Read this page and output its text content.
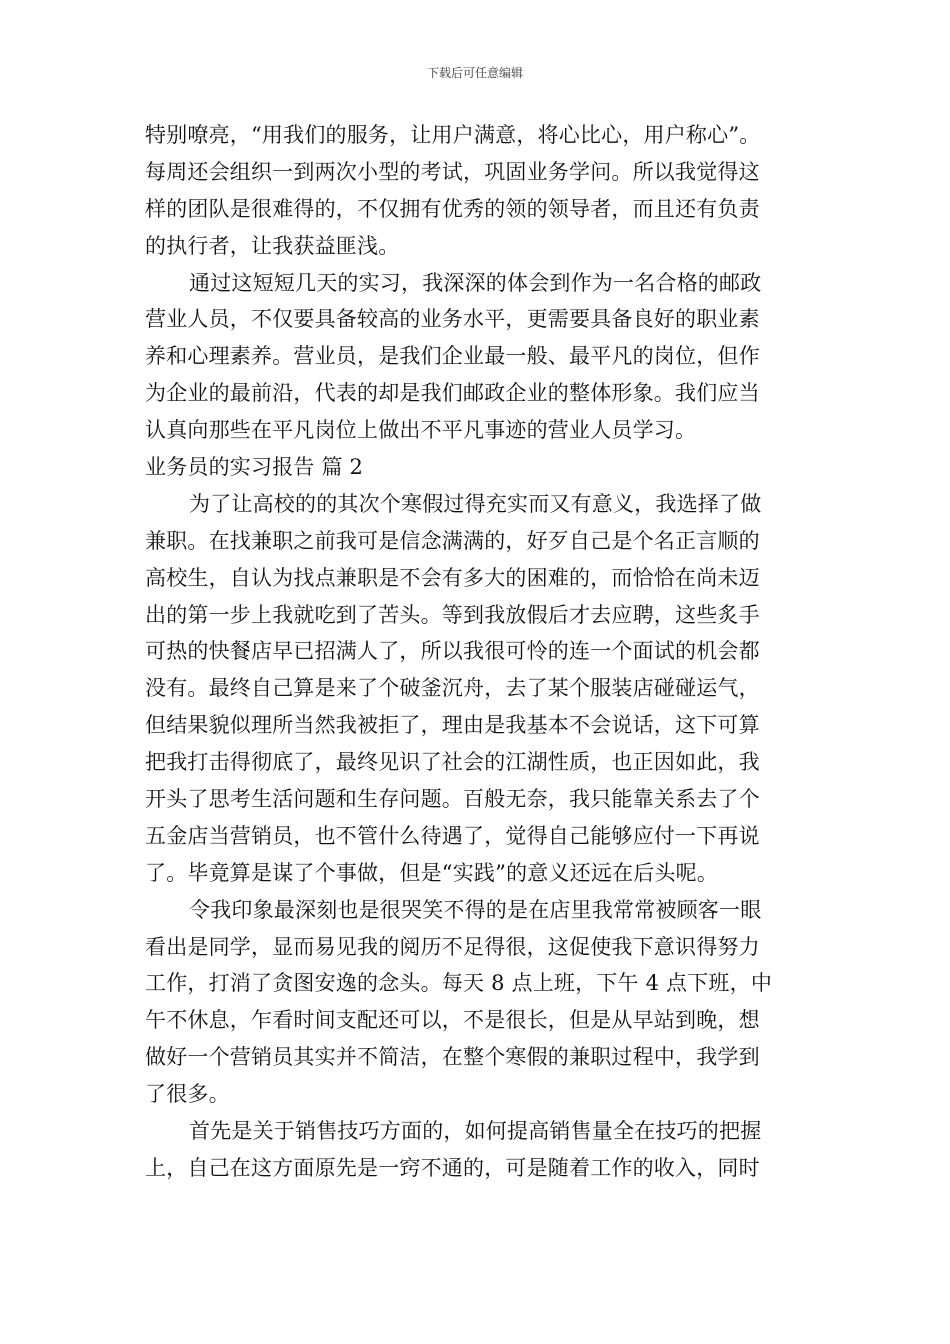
下载后可任意编辑
特别嘹亮，“用我们的服务，让用户满意，将心比心，用户称心”。
每周还会组织一到两次小型的考试，巩固业务学问。所以我觉得这
样的团队是很难得的，不仅拥有优秀的领的领导者，而且还有负责
的执行者，让我获益匪浅。
通过这短短几天的实习，我深深的体会到作为一名合格的邮政
营业人员，不仅要具备较高的业务水平，更需要具备良好的职业素
养和心理素养。营业员，是我们企业最一般、最平凡的岗位，但作
为企业的最前沿，代表的却是我们邮政企业的整体形象。我们应当
认真向那些在平凡岗位上做出不平凡事迹的营业人员学习。
业务员的实习报告 篇 2
为了让高校的的其次个寒假过得充实而又有意义，我选择了做
兼职。在找兼职之前我可是信念满满的，好歹自己是个名正言顺的
高校生，自认为找点兼职是不会有多大的困难的，而恰恰在尚未迈
出的第一步上我就吃到了苦头。等到我放假后才去应聘，这些炙手
可热的快餐店早已招满人了，所以我很可怜的连一个面试的机会都
没有。最终自己算是来了个破釜沉舟，去了某个服装店碰碰运气，
但结果貌似理所当然我被拒了，理由是我基本不会说话，这下可算
把我打击得彻底了，最终见识了社会的江湖性质，也正因如此，我
开头了思考生活问题和生存问题。百般无奈，我只能靠关系去了个
五金店当营销员，也不管什么待遇了，觉得自己能够应付一下再说
了。毕竟算是谋了个事做，但是“实践”的意义还远在后头呢。
令我印象最深刻也是很哭笑不得的是在店里我常常被顾客一眼
看出是同学，显而易见我的阅历不足得很，这促使我下意识得努力
工作，打消了贪图安逸的念头。每天 8 点上班，下午 4 点下班，中
午不休息，乍看时间支配还可以，不是很长，但是从早站到晚，想
做好一个营销员其实并不简洁，在整个寒假的兼职过程中，我学到
了很多。
首先是关于销售技巧方面的，如何提高销售量全在技巧的把握
上，自己在这方面原先是一窍不通的，可是随着工作的收入，同时
